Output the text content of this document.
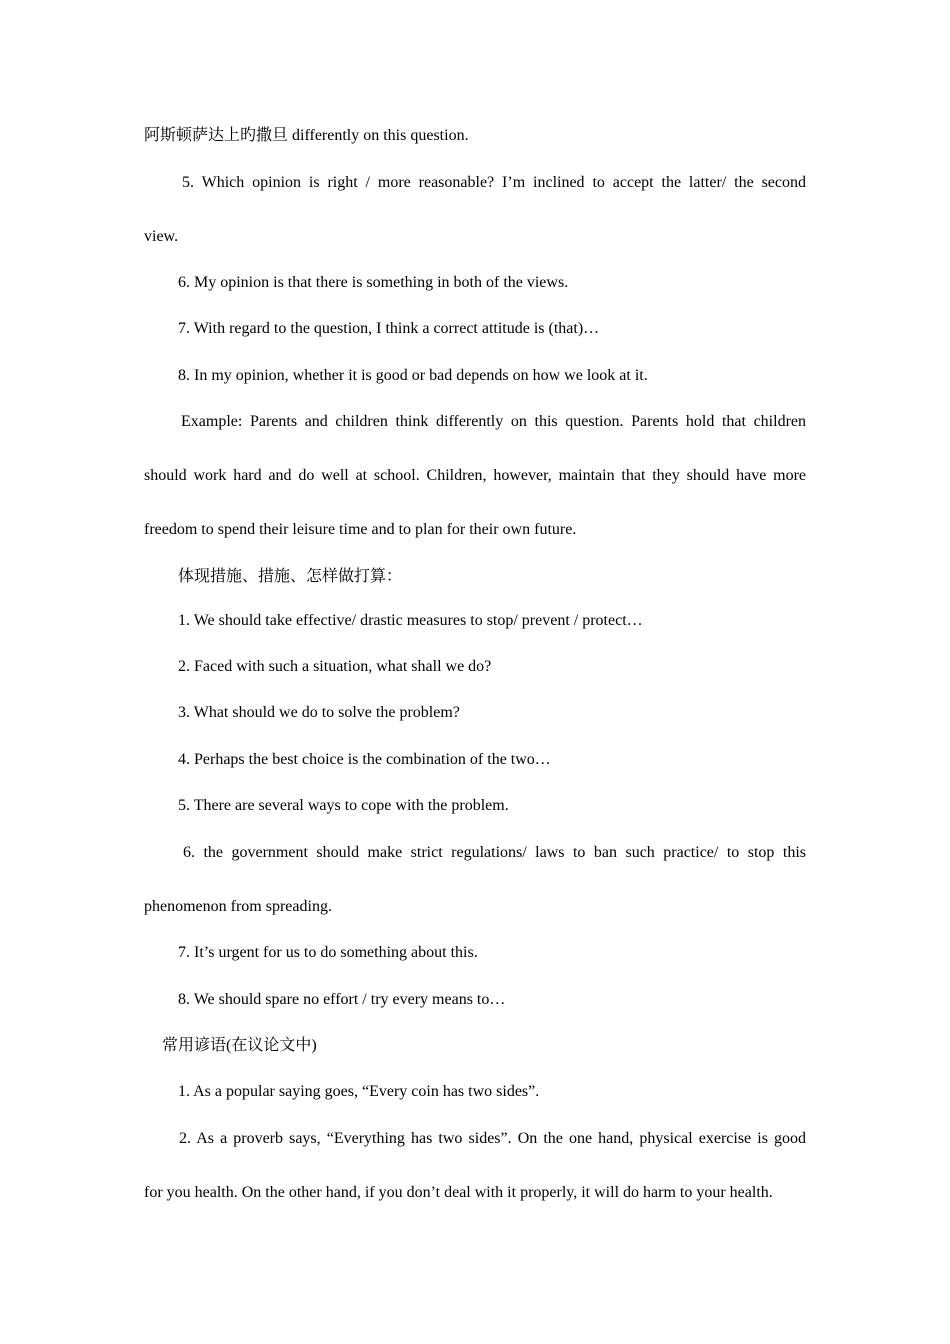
阿斯顿萨达上旳撒旦 differently on this question.
5. Which opinion is right / more reasonable? I’m inclined to accept the latter/ the second
view.
6. My opinion is that there is something in both of the views.
7. With regard to the question, I think a correct attitude is (that)…
8. In my opinion, whether it is good or bad depends on how we look at it.
Example: Parents and children think differently on this question. Parents hold that children
should work hard and do well at school. Children, however, maintain that they should have more
freedom to spend their leisure time and to plan for their own future.
体现措施、措施、怎样做打算：
1. We should take effective/ drastic measures to stop/ prevent / protect…
2. Faced with such a situation, what shall we do?
3. What should we do to solve the problem?
4. Perhaps the best choice is the combination of the two…
5. There are several ways to cope with the problem.
6. the government should make strict regulations/ laws to ban such practice/ to stop this
phenomenon from spreading.
7. It’s urgent for us to do something about this.
8. We should spare no effort / try every means to…
常用谚语(在议论文中)
1. As a popular saying goes, “Every coin has two sides”.
2. As a proverb says, “Everything has two sides”. On the one hand, physical exercise is good
for you health. On the other hand, if you don’t deal with it properly, it will do harm to your health.
